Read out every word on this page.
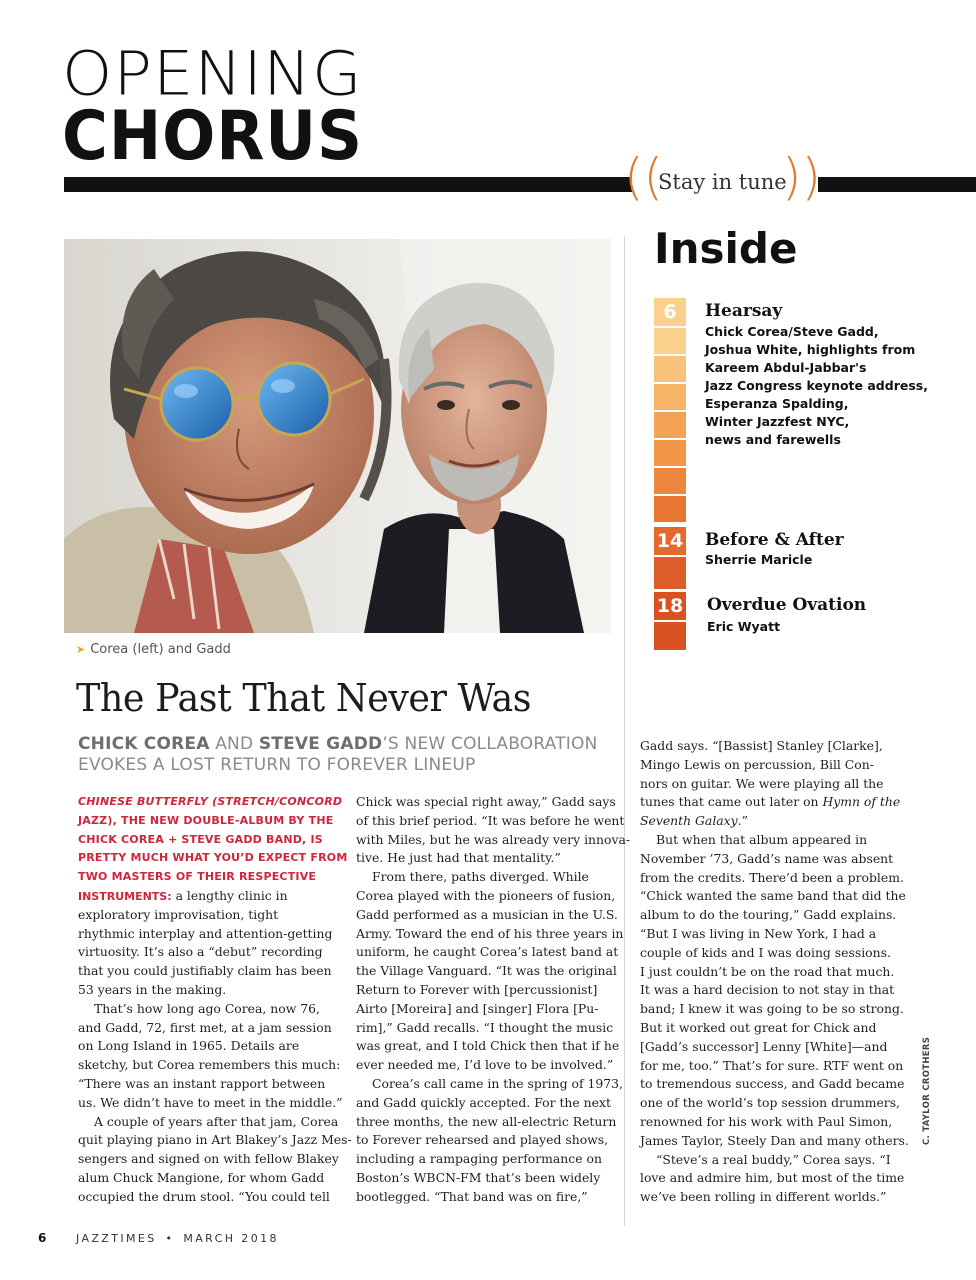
OPENING
CHORUS
((
Stay in tune
))
➤ Corea (left) and Gadd
Inside
6
14
18
Hearsay
Chick Corea/Steve Gadd,
Joshua White, highlights from
Kareem Abdul-Jabbar's
Jazz Congress keynote address,
Esperanza Spalding,
Winter Jazzfest NYC,
news and farewells
Before & After
Sherrie Maricle
Overdue Ovation
Eric Wyatt
The Past That Never Was
CHICK COREA AND STEVE GADD’S NEW COLLABORATION
EVOKES A LOST RETURN TO FOREVER LINEUP
CHINESE BUTTERFLY (STRETCH/CONCORD
JAZZ), THE NEW DOUBLE-ALBUM BY THE
CHICK COREA + STEVE GADD BAND, IS
PRETTY MUCH WHAT YOU’D EXPECT FROM
TWO MASTERS OF THEIR RESPECTIVE
INSTRUMENTS: a lengthy clinic in
exploratory improvisation, tight
rhythmic interplay and attention-getting
virtuosity. It’s also a “debut” recording
that you could justifiably claim has been
53 years in the making.
That’s how long ago Corea, now 76,
and Gadd, 72, first met, at a jam session
on Long Island in 1965. Details are
sketchy, but Corea remembers this much:
“There was an instant rapport between
us. We didn’t have to meet in the middle.”
A couple of years after that jam, Corea
quit playing piano in Art Blakey’s Jazz Mes-
sengers and signed on with fellow Blakey
alum Chuck Mangione, for whom Gadd
occupied the drum stool. “You could tell
Chick was special right away,” Gadd says
of this brief period. “It was before he went
with Miles, but he was already very innova-
tive. He just had that mentality.”
From there, paths diverged. While
Corea played with the pioneers of fusion,
Gadd performed as a musician in the U.S.
Army. Toward the end of his three years in
uniform, he caught Corea’s latest band at
the Village Vanguard. “It was the original
Return to Forever with [percussionist]
Airto [Moreira] and [singer] Flora [Pu-
rim],” Gadd recalls. “I thought the music
was great, and I told Chick then that if he
ever needed me, I’d love to be involved.”
Corea’s call came in the spring of 1973,
and Gadd quickly accepted. For the next
three months, the new all-electric Return
to Forever rehearsed and played shows,
including a rampaging performance on
Boston’s WBCN-FM that’s been widely
bootlegged. “That band was on fire,”
Gadd says. “[Bassist] Stanley [Clarke],
Mingo Lewis on percussion, Bill Con-
nors on guitar. We were playing all the
tunes that came out later on Hymn of the
Seventh Galaxy.”
But when that album appeared in
November ’73, Gadd’s name was absent
from the credits. There’d been a problem.
“Chick wanted the same band that did the
album to do the touring,” Gadd explains.
“But I was living in New York, I had a
couple of kids and I was doing sessions.
I just couldn’t be on the road that much.
It was a hard decision to not stay in that
band; I knew it was going to be so strong.
But it worked out great for Chick and
[Gadd’s successor] Lenny [White]—and
for me, too.” That’s for sure. RTF went on
to tremendous success, and Gadd became
one of the world’s top session drummers,
renowned for his work with Paul Simon,
James Taylor, Steely Dan and many others.
“Steve’s a real buddy,” Corea says. “I
love and admire him, but most of the time
we’ve been rolling in different worlds.”
6	JAZZTIMES • MARCH 2018
C. TAYLOR CROTHERS
